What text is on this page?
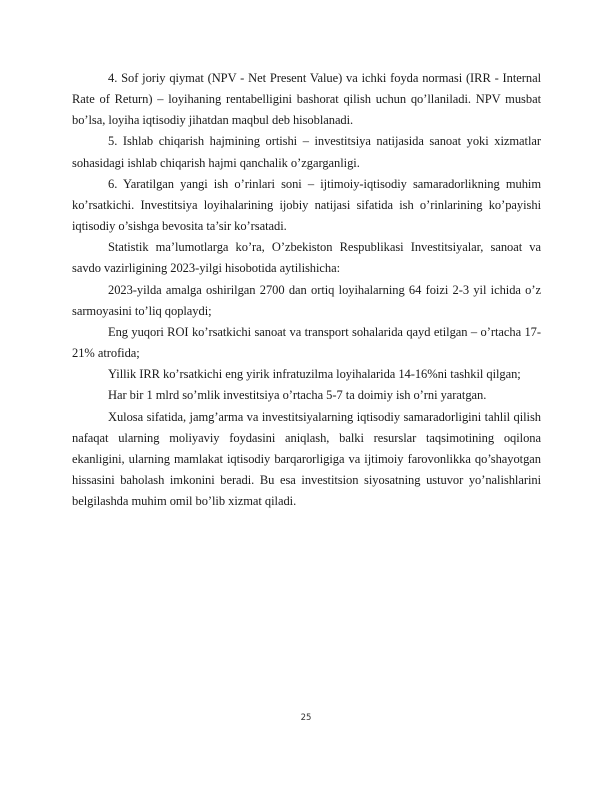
4. Sof joriy qiymat (NPV - Net Present Value) va ichki foyda normasi (IRR - Internal Rate of Return) – loyihaning rentabelligini bashorat qilish uchun qo’llaniladi. NPV musbat bo’lsa, loyiha iqtisodiy jihatdan maqbul deb hisoblanadi.

5. Ishlab chiqarish hajmining ortishi – investitsiya natijasida sanoat yoki xizmatlar sohasidagi ishlab chiqarish hajmi qanchalik o’zgarganligi.

6. Yaratilgan yangi ish o’rinlari soni – ijtimoiy-iqtisodiy samaradorlikning muhim ko’rsatkichi. Investitsiya loyihalarining ijobiy natijasi sifatida ish o’rinlarining ko’payishi iqtisodiy o’sishga bevosita ta’sir ko’rsatadi.

Statistik ma’lumotlarga ko’ra, O’zbekiston Respublikasi Investitsiyalar, sanoat va savdo vazirligining 2023-yilgi hisobotida aytilishicha:

2023-yilda amalga oshirilgan 2700 dan ortiq loyihalarning 64 foizi 2-3 yil ichida o’z sarmoyasini to’liq qoplaydi;

Eng yuqori ROI ko’rsatkichi sanoat va transport sohalarida qayd etilgan – o’rtacha 17-21% atrofida;

Yillik IRR ko’rsatkichi eng yirik infratuzilma loyihalarida 14-16%ni tashkil qilgan;

Har bir 1 mlrd so’mlik investitsiya o’rtacha 5-7 ta doimiy ish o’rni yaratgan.

Xulosa sifatida, jamg’arma va investitsiyalarning iqtisodiy samaradorligini tahlil qilish nafaqat ularning moliyaviy foydasini aniqlash, balki resurslar taqsimotining oqilona ekanligini, ularning mamlakat iqtisodiy barqarorligiga va ijtimoiy farovonlikka qo’shayotgan hissasini baholash imkonini beradi. Bu esa investitsion siyosatning ustuvor yo’nalishlarini belgilashda muhim omil bo’lib xizmat qiladi.

25
